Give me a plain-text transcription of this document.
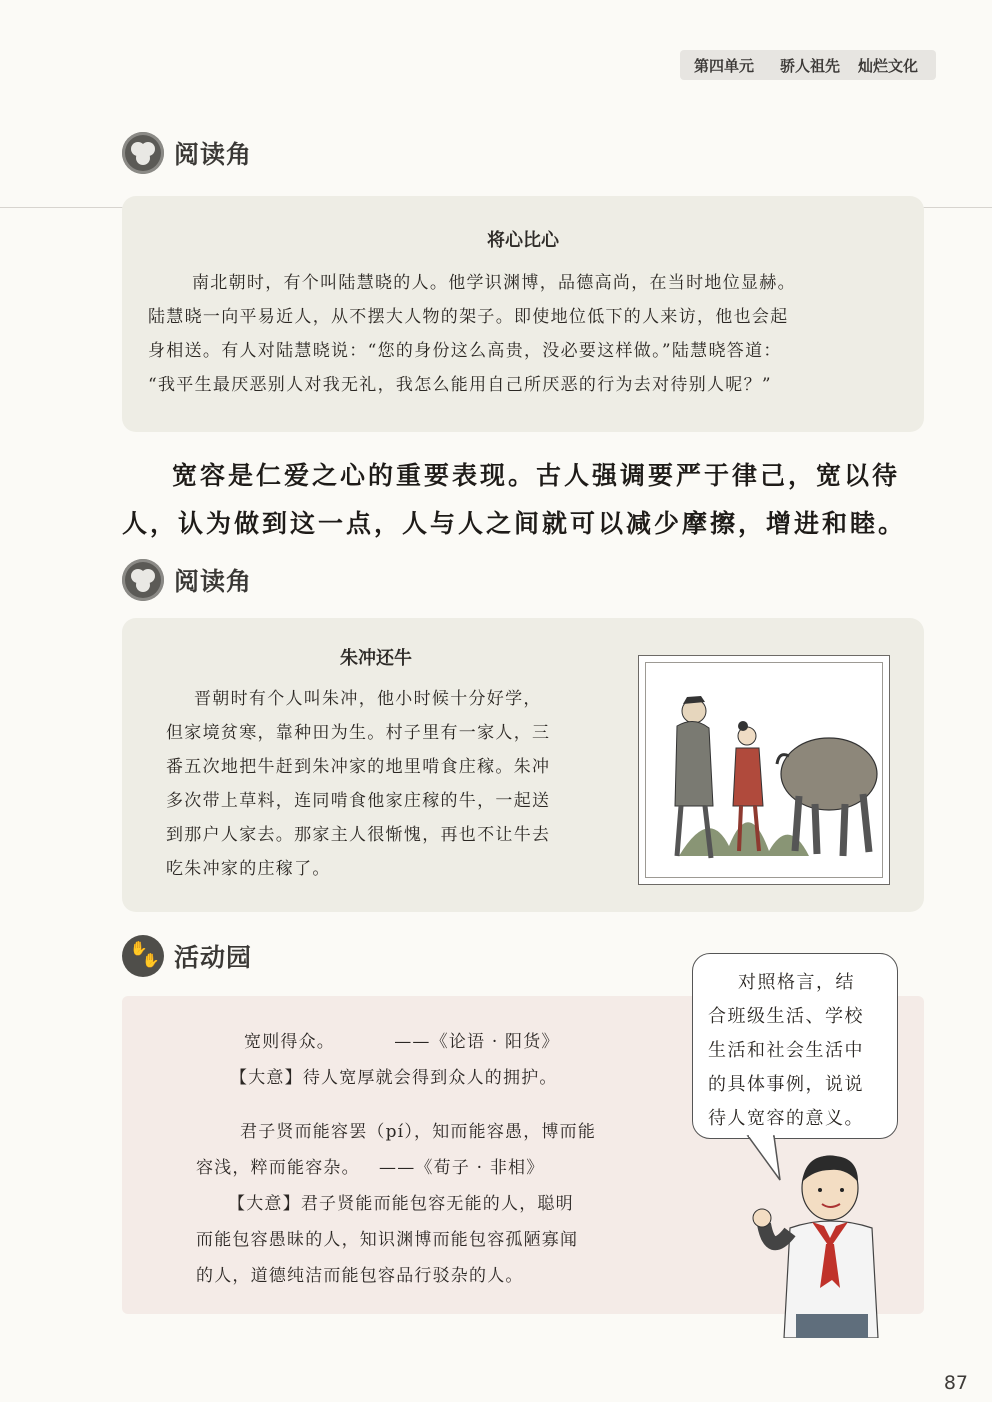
第四单元 骄人祖先 灿烂文化
阅读角
将心比心

南北朝时，有个叫陆慧晓的人。他学识渊博，品德高尚，在当时地位显赫。

陆慧晓一向平易近人，从不摆大人物的架子。即使地位低下的人来访，他也会起

身相送。有人对陆慧晓说：“您的身份这么高贵，没必要这样做。”陆慧晓答道：

“我平生最厌恶别人对我无礼，我怎么能用自己所厌恶的行为去对待别人呢？”

宽容是仁爱之心的重要表现。古人强调要严于律己，宽以待人，认为做到这一点，人与人之间就可以减少摩擦，增进和睦。

阅读角
朱冲还牛

晋朝时有个人叫朱冲，他小时候十分好学，

但家境贫寒，靠种田为生。村子里有一家人，三

番五次地把牛赶到朱冲家的地里啃食庄稼。朱冲

多次带上草料，连同啃食他家庄稼的牛，一起送

到那户人家去。那家主人很惭愧，再也不让牛去

吃朱冲家的庄稼了。

✋
✋ 活动园
宽则得众。	——《论语 · 阳货》
【大意】待人宽厚就会得到众人的拥护。
君子贤而能容罢（pí），知而能容愚，博而能
容浅，粹而能容杂。 ——《荀子 · 非相》
【大意】君子贤能而能包容无能的人，聪明
而能包容愚昧的人，知识渊博而能包容孤陋寡闻
的人，道德纯洁而能包容品行驳杂的人。
对照格言，结
合班级生活、学校
生活和社会生活中
的具体事例，说说
待人宽容的意义。
87
